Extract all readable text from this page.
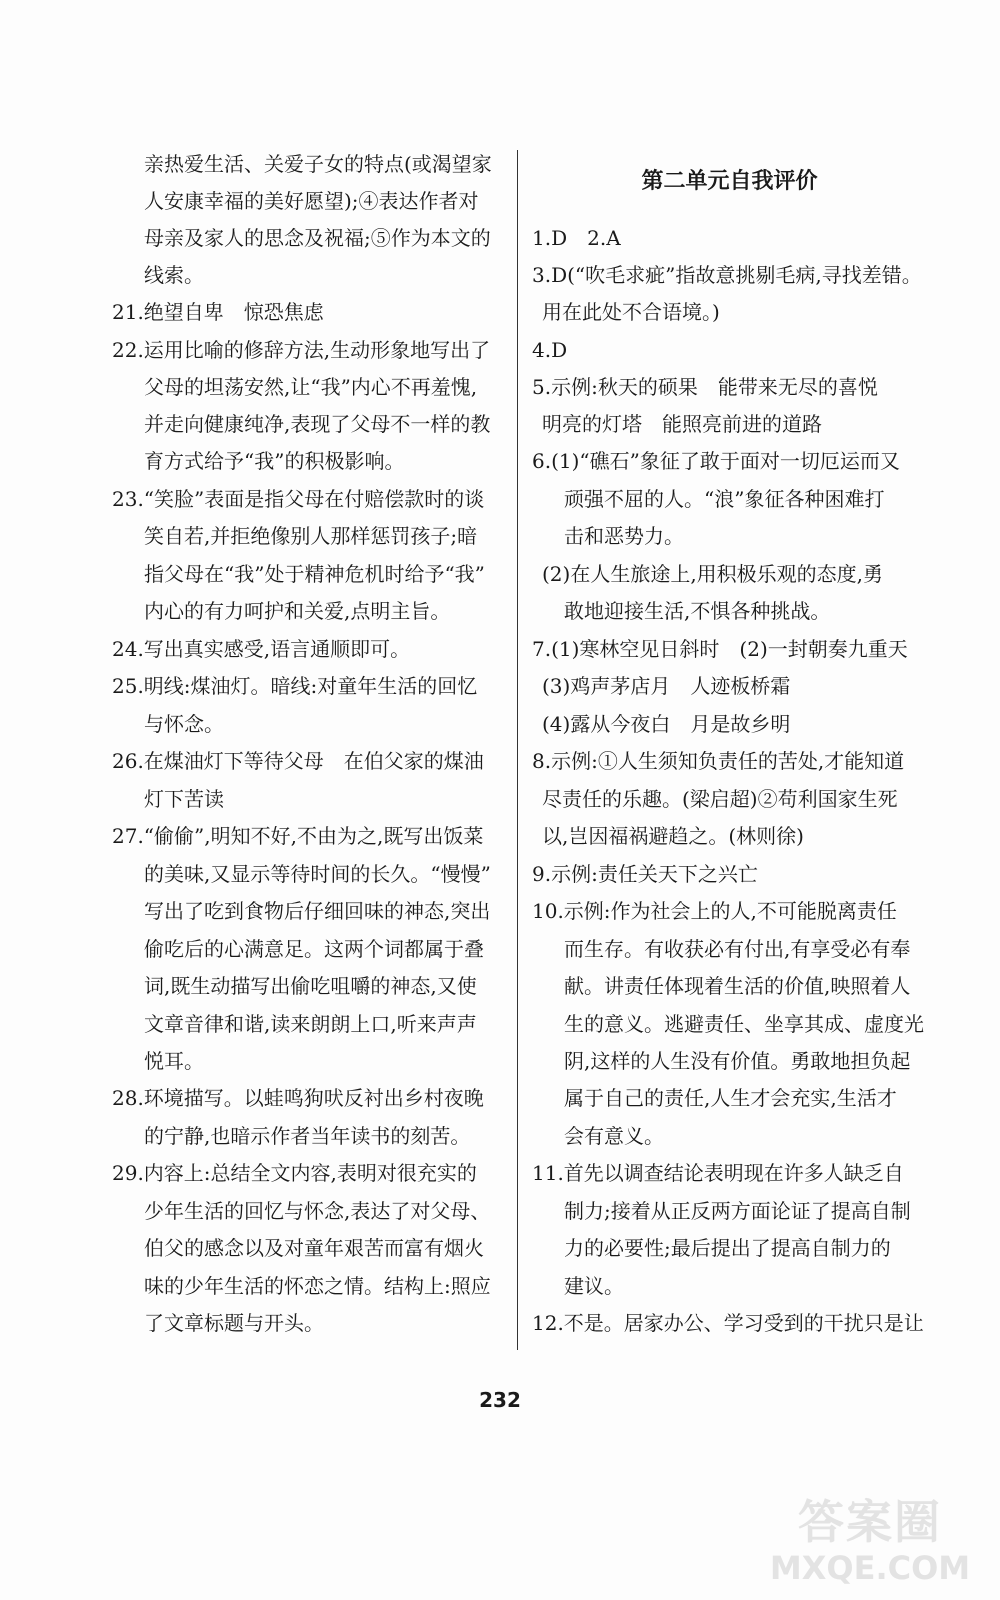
亲热爱生活、关爱子女的特点(或渴望家
人安康幸福的美好愿望);④表达作者对
母亲及家人的思念及祝福;⑤作为本文的
线索。
21.绝望自卑　惊恐焦虑
22.运用比喻的修辞方法,生动形象地写出了
父母的坦荡安然,让“我”内心不再羞愧,
并走向健康纯净,表现了父母不一样的教
育方式给予“我”的积极影响。
23.“笑脸”表面是指父母在付赔偿款时的谈
笑自若,并拒绝像别人那样惩罚孩子;暗
指父母在“我”处于精神危机时给予“我”
内心的有力呵护和关爱,点明主旨。
24.写出真实感受,语言通顺即可。
25.明线:煤油灯。暗线:对童年生活的回忆
与怀念。
26.在煤油灯下等待父母　在伯父家的煤油
灯下苦读
27.“偷偷”,明知不好,不由为之,既写出饭菜
的美味,又显示等待时间的长久。“慢慢”
写出了吃到食物后仔细回味的神态,突出
偷吃后的心满意足。这两个词都属于叠
词,既生动描写出偷吃咀嚼的神态,又使
文章音律和谐,读来朗朗上口,听来声声
悦耳。
28.环境描写。以蛙鸣狗吠反衬出乡村夜晚
的宁静,也暗示作者当年读书的刻苦。
29.内容上:总结全文内容,表明对很充实的
少年生活的回忆与怀念,表达了对父母、
伯父的感念以及对童年艰苦而富有烟火
味的少年生活的怀恋之情。结构上:照应
了文章标题与开头。
第二单元自我评价
1.D　2.A
3.D(“吹毛求疵”指故意挑剔毛病,寻找差错。
用在此处不合语境。)
4.D
5.示例:秋天的硕果　能带来无尽的喜悦
明亮的灯塔　能照亮前进的道路
6.(1)“礁石”象征了敢于面对一切厄运而又
顽强不屈的人。“浪”象征各种困难打
击和恶势力。
(2)在人生旅途上,用积极乐观的态度,勇
敢地迎接生活,不惧各种挑战。
7.(1)寒林空见日斜时　(2)一封朝奏九重天
(3)鸡声茅店月　人迹板桥霜
(4)露从今夜白　月是故乡明
8.示例:①人生须知负责任的苦处,才能知道
尽责任的乐趣。(梁启超)②苟利国家生死
以,岂因福祸避趋之。(林则徐)
9.示例:责任关天下之兴亡
10.示例:作为社会上的人,不可能脱离责任
而生存。有收获必有付出,有享受必有奉
献。讲责任体现着生活的价值,映照着人
生的意义。逃避责任、坐享其成、虚度光
阴,这样的人生没有价值。勇敢地担负起
属于自己的责任,人生才会充实,生活才
会有意义。
11.首先以调查结论表明现在许多人缺乏自
制力;接着从正反两方面论证了提高自制
力的必要性;最后提出了提高自制力的
建议。
12.不是。居家办公、学习受到的干扰只是让
232
答案圈
MXQE.COM
